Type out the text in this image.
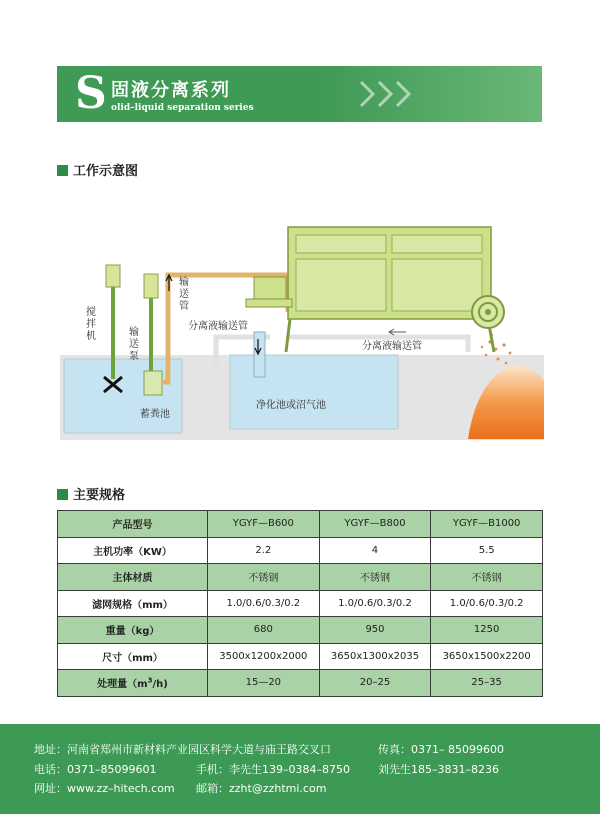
S 固液分离系列
olid–liquid separation series
工作示意图
搅拌机	输送泵
输送管
蓄粪池
分离液输送管
分离液输送管
净化池或沼气池
主要规格
产品型号	YGYF—B600	YGYF—B800	YGYF—B1000
主机功率（KW）	2.2	4	5.5
主体材质	不锈钢	不锈钢	不锈钢
滤网规格（mm）	1.0/0.6/0.3/0.2	1.0/0.6/0.3/0.2	1.0/0.6/0.3/0.2
重量（kg）	680	950	1250
尺寸（mm）	3500x1200x2000	3650x1300x2035	3650x1500x2200
处理量$(m^3/h)$	15—20	20–25	25–35
地址：河南省郑州市新材料产业园区科学大道与庙王路交叉口	传真：0371– 85099600
电话：0371–85099601	手机：李先生139–0384–8750	刘先生185–3831–8236
网址：www.zz–hitech.com 邮箱：zzht@zzhtmi.com
